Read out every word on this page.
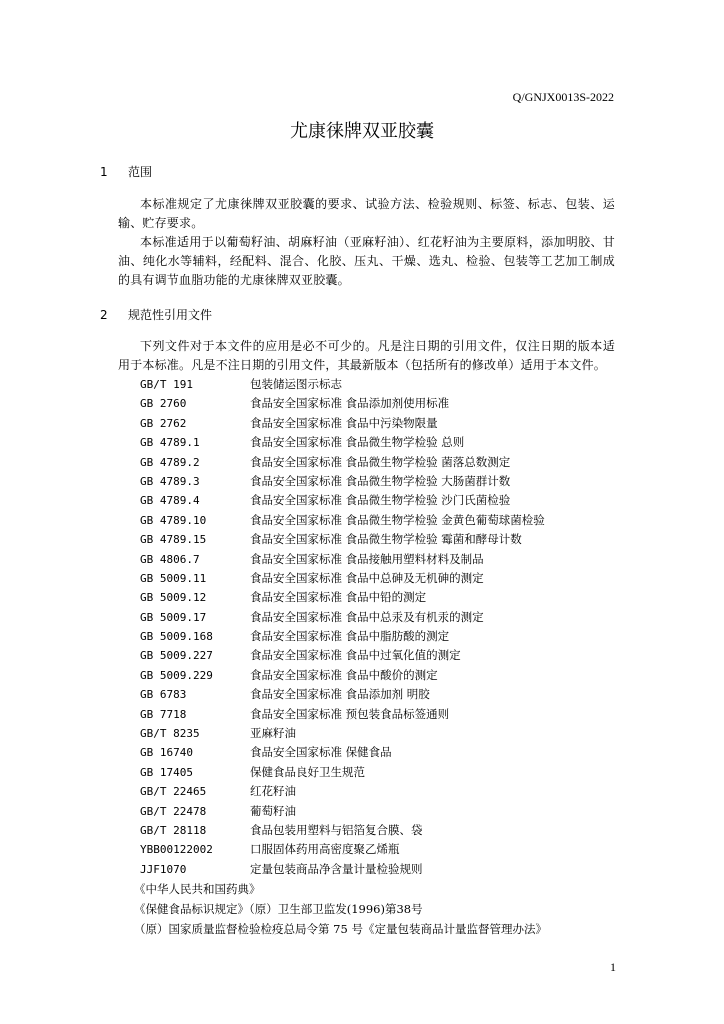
Q/GNJX0013S-2022
尤康徕牌双亚胶囊
1 范围
本标准规定了尤康徕牌双亚胶囊的要求、试验方法、检验规则、标签、标志、包装、运输、贮存要求。
本标准适用于以葡萄籽油、胡麻籽油（亚麻籽油）、红花籽油为主要原料，添加明胶、甘油、纯化水等辅料，经配料、混合、化胶、压丸、干燥、选丸、检验、包装等工艺加工制成的具有调节血脂功能的尤康徕牌双亚胶囊。
2 规范性引用文件
下列文件对于本文件的应用是必不可少的。凡是注日期的引用文件，仅注日期的版本适用于本标准。凡是不注日期的引用文件，其最新版本（包括所有的修改单）适用于本文件。
GB/T 191	包装储运图示标志
GB 2760	食品安全国家标准 食品添加剂使用标准
GB 2762	食品安全国家标准 食品中污染物限量
GB 4789.1	食品安全国家标准 食品微生物学检验 总则
GB 4789.2	食品安全国家标准 食品微生物学检验 菌落总数测定
GB 4789.3	食品安全国家标准 食品微生物学检验 大肠菌群计数
GB 4789.4	食品安全国家标准 食品微生物学检验 沙门氏菌检验
GB 4789.10	食品安全国家标准 食品微生物学检验 金黄色葡萄球菌检验
GB 4789.15	食品安全国家标准 食品微生物学检验 霉菌和酵母计数
GB 4806.7	食品安全国家标准 食品接触用塑料材料及制品
GB 5009.11	食品安全国家标准 食品中总砷及无机砷的测定
GB 5009.12	食品安全国家标准 食品中铅的测定
GB 5009.17	食品安全国家标准 食品中总汞及有机汞的测定
GB 5009.168	食品安全国家标准 食品中脂肪酸的测定
GB 5009.227	食品安全国家标准 食品中过氧化值的测定
GB 5009.229	食品安全国家标准 食品中酸价的测定
GB 6783	食品安全国家标准 食品添加剂 明胶
GB 7718	食品安全国家标准 预包装食品标签通则
GB/T 8235	亚麻籽油
GB 16740	食品安全国家标准 保健食品
GB 17405	保健食品良好卫生规范
GB/T 22465	红花籽油
GB/T 22478	葡萄籽油
GB/T 28118	食品包装用塑料与铝箔复合膜、袋
YBB00122002	口服固体药用高密度聚乙烯瓶
JJF1070	定量包装商品净含量计量检验规则
《中华人民共和国药典》
《保健食品标识规定》（原）卫生部卫监发(1996)第38号
（原）国家质量监督检验检疫总局令第 75 号《定量包装商品计量监督管理办法》
1
